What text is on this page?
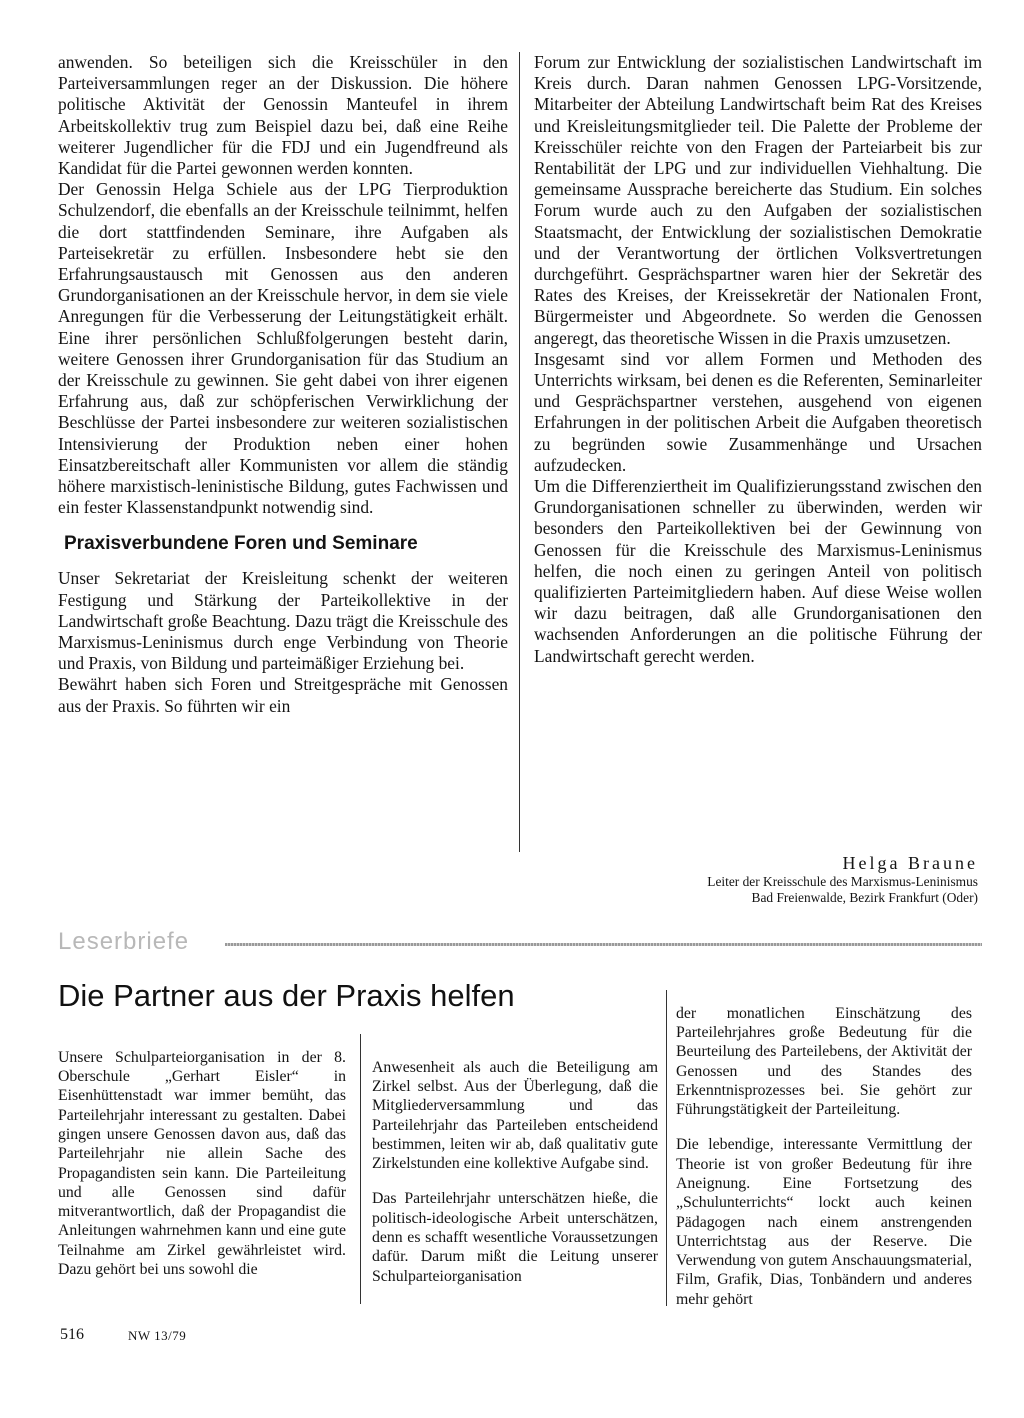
anwenden. So beteiligen sich die Kreisschüler in den Parteiversammlungen reger an der Diskussion. Die höhere politische Aktivität der Genossin Manteufel in ihrem Arbeitskollektiv trug zum Beispiel dazu bei, daß eine Reihe weiterer Jugendlicher für die FDJ und ein Jugendfreund als Kandidat für die Partei gewonnen werden konnten.

Der Genossin Helga Schiele aus der LPG Tierproduktion Schulzendorf, die ebenfalls an der Kreisschule teilnimmt, helfen die dort stattfindenden Seminare, ihre Aufgaben als Parteisekretär zu erfüllen. Insbesondere hebt sie den Erfahrungsaustausch mit Genossen aus den anderen Grundorganisationen an der Kreisschule hervor, in dem sie viele Anregungen für die Verbesserung der Leitungstätigkeit erhält. Eine ihrer persönlichen Schlußfolgerungen besteht darin, weitere Genossen ihrer Grundorganisation für das Studium an der Kreisschule zu gewinnen. Sie geht dabei von ihrer eigenen Erfahrung aus, daß zur schöpferischen Verwirklichung der Beschlüsse der Partei insbesondere zur weiteren sozialistischen Intensivierung der Produktion neben einer hohen Einsatzbereitschaft aller Kommunisten vor allem die ständig höhere marxistisch-leninistische Bildung, gutes Fachwissen und ein fester Klassenstandpunkt notwendig sind.

Praxisverbundene Foren und Seminare

Unser Sekretariat der Kreisleitung schenkt der weiteren Festigung und Stärkung der Parteikollektive in der Landwirtschaft große Beachtung. Dazu trägt die Kreisschule des Marxismus-Leninismus durch enge Verbindung von Theorie und Praxis, von Bildung und parteimäßiger Erziehung bei.

Bewährt haben sich Foren und Streitgespräche mit Genossen aus der Praxis. So führten wir ein

Forum zur Entwicklung der sozialistischen Landwirtschaft im Kreis durch. Daran nahmen Genossen LPG-Vorsitzende, Mitarbeiter der Abteilung Landwirtschaft beim Rat des Kreises und Kreisleitungsmitglieder teil. Die Palette der Probleme der Kreisschüler reichte von den Fragen der Parteiarbeit bis zur Rentabilität der LPG und zur individuellen Viehhaltung. Die gemeinsame Aussprache bereicherte das Studium. Ein solches Forum wurde auch zu den Aufgaben der sozialistischen Staatsmacht, der Entwicklung der sozialistischen Demokratie und der Verantwortung der örtlichen Volksvertretungen durchgeführt. Gesprächspartner waren hier der Sekretär des Rates des Kreises, der Kreissekretär der Nationalen Front, Bürgermeister und Abgeordnete. So werden die Genossen angeregt, das theoretische Wissen in die Praxis umzusetzen.

Insgesamt sind vor allem Formen und Methoden des Unterrichts wirksam, bei denen es die Referenten, Seminarleiter und Gesprächspartner verstehen, ausgehend von eigenen Erfahrungen in der politischen Arbeit die Aufgaben theoretisch zu begründen sowie Zusammenhänge und Ursachen aufzudecken.

Um die Differenziertheit im Qualifizierungsstand zwischen den Grundorganisationen schneller zu überwinden, werden wir besonders den Parteikollektiven bei der Gewinnung von Genossen für die Kreisschule des Marxismus-Leninismus helfen, die noch einen zu geringen Anteil von politisch qualifizierten Parteimitgliedern haben. Auf diese Weise wollen wir dazu beitragen, daß alle Grundorganisationen den wachsenden Anforderungen an die politische Führung der Landwirtschaft gerecht werden.

Helga Braune
Leiter der Kreisschule des Marxismus-Leninismus
Bad Freienwalde, Bezirk Frankfurt (Oder)
Leserbriefe
Die Partner aus der Praxis helfen

Unsere Schulparteiorganisation in der 8. Oberschule „Gerhart Eisler“ in Eisenhüttenstadt war immer bemüht, das Parteilehrjahr interessant zu gestalten. Dabei gingen unsere Genossen davon aus, daß das Parteilehrjahr nie allein Sache des Propagandisten sein kann. Die Parteileitung und alle Genossen sind dafür mitverantwortlich, daß der Propagandist die Anleitungen wahrnehmen kann und eine gute Teilnahme am Zirkel gewährleistet wird. Dazu gehört bei uns sowohl die

Anwesenheit als auch die Beteiligung am Zirkel selbst. Aus der Überlegung, daß die Mitgliederversammlung und das Parteilehrjahr das Parteileben entscheidend bestimmen, leiten wir ab, daß qualitativ gute Zirkelstunden eine kollektive Aufgabe sind.

Das Parteilehrjahr unterschätzen hieße, die politisch-ideologische Arbeit unterschätzen, denn es schafft wesentliche Voraussetzungen dafür. Darum mißt die Leitung unserer Schulparteiorganisation

der monatlichen Einschätzung des Parteilehrjahres große Bedeutung für die Beurteilung des Parteilebens, der Aktivität der Genossen und des Standes des Erkenntnisprozesses bei. Sie gehört zur Führungstätigkeit der Parteileitung.

Die lebendige, interessante Vermittlung der Theorie ist von großer Bedeutung für ihre Aneignung. Eine Fortsetzung des „Schulunterrichts“ lockt auch keinen Pädagogen nach einem anstrengenden Unterrichtstag aus der Reserve. Die Verwendung von gutem Anschauungsmaterial, Film, Grafik, Dias, Tonbändern und anderes mehr gehört

516	NW 13/79
